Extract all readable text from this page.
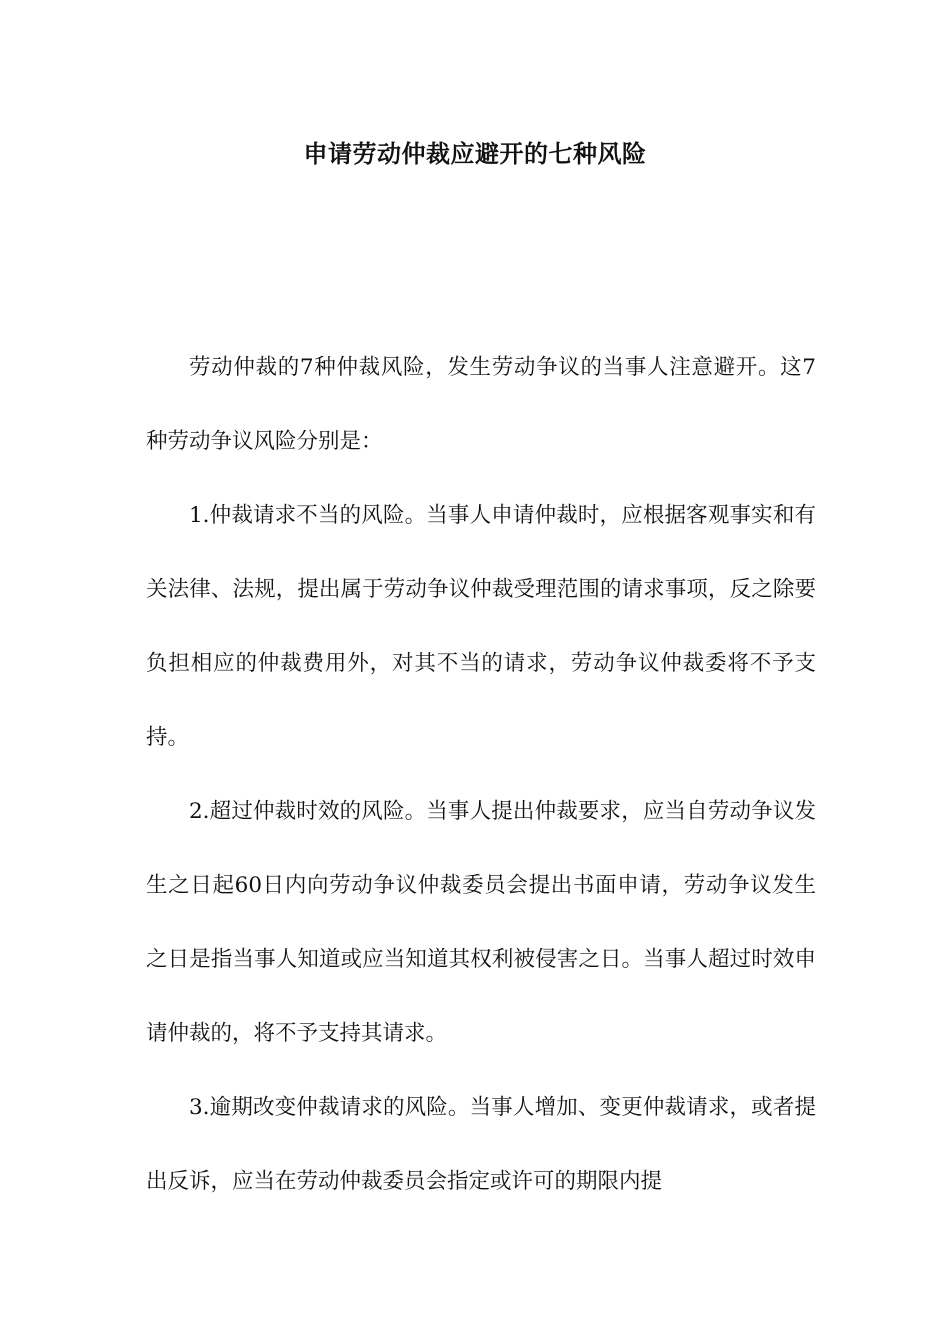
申请劳动仲裁应避开的七种风险

劳动仲裁的7种仲裁风险，发生劳动争议的当事人注意避开。这7种劳动争议风险分别是：

1.仲裁请求不当的风险。当事人申请仲裁时，应根据客观事实和有关法律、法规，提出属于劳动争议仲裁受理范围的请求事项，反之除要负担相应的仲裁费用外，对其不当的请求，劳动争议仲裁委将不予支持。

2.超过仲裁时效的风险。当事人提出仲裁要求，应当自劳动争议发生之日起60日内向劳动争议仲裁委员会提出书面申请，劳动争议发生之日是指当事人知道或应当知道其权利被侵害之日。当事人超过时效申请仲裁的，将不予支持其请求。

3.逾期改变仲裁请求的风险。当事人增加、变更仲裁请求，或者提出反诉，应当在劳动仲裁委员会指定或许可的期限内提
